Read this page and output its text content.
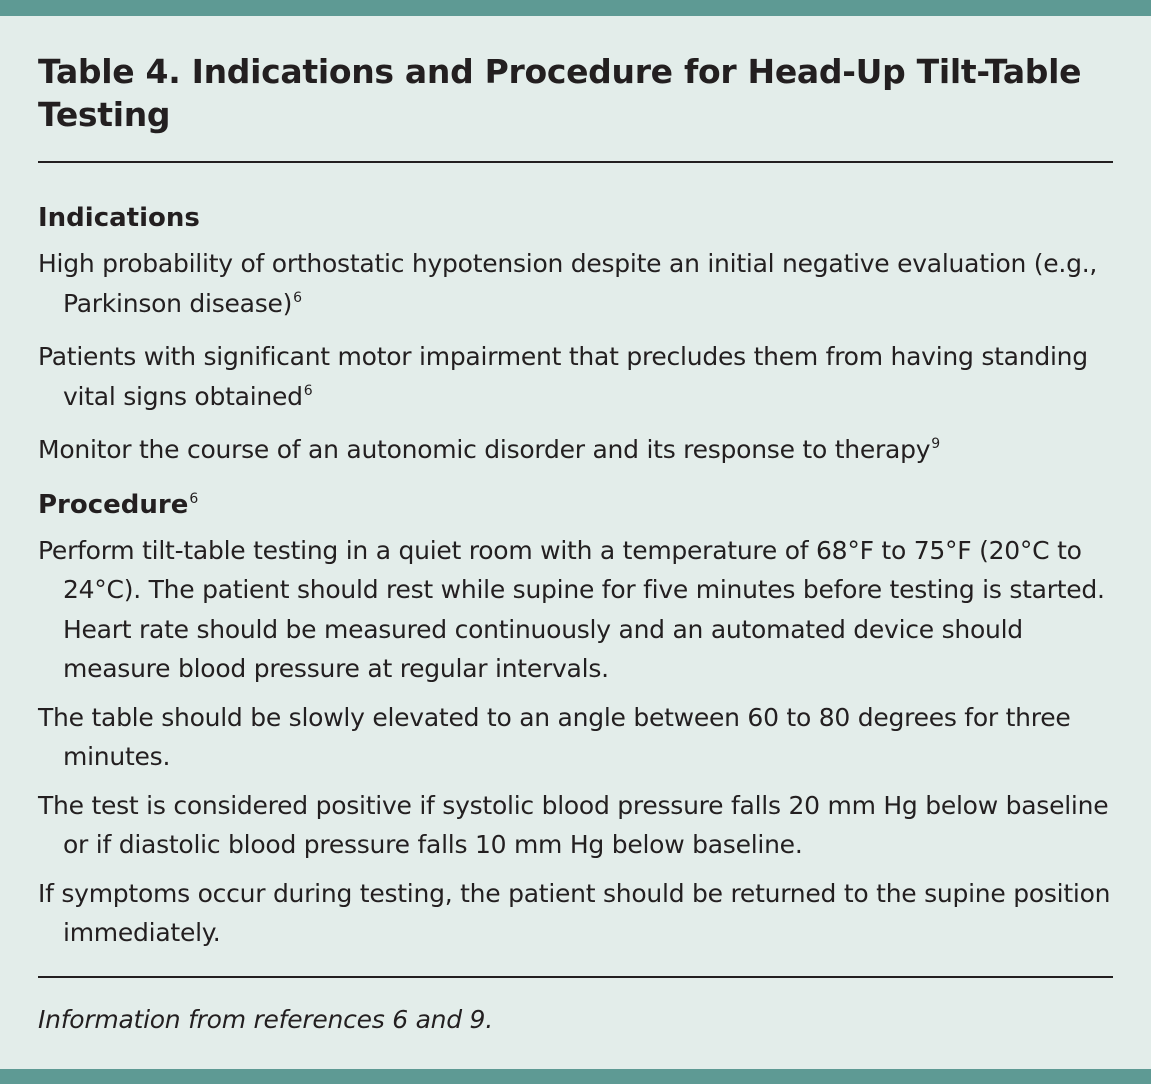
Table 4. Indications and Procedure for Head-Up Tilt-Table Testing
Indications

High probability of orthostatic hypotension despite an initial negative evaluation (e.g., Parkinson disease)$^6$

Patients with significant motor impairment that precludes them from having standing vital signs obtained$^6$

Monitor the course of an autonomic disorder and its response to therapy$^9$

Procedure$^6$

Perform tilt-table testing in a quiet room with a temperature of 68°F to 75°F (20°C to 24°C). The patient should rest while supine for five minutes before testing is started. Heart rate should be measured continuously and an automated device should measure blood pressure at regular intervals.

The table should be slowly elevated to an angle between 60 to 80 degrees for three minutes.

The test is considered positive if systolic blood pressure falls 20 mm Hg below baseline or if diastolic blood pressure falls 10 mm Hg below baseline.

If symptoms occur during testing, the patient should be returned to the supine position immediately.

Information from references 6 and 9.
